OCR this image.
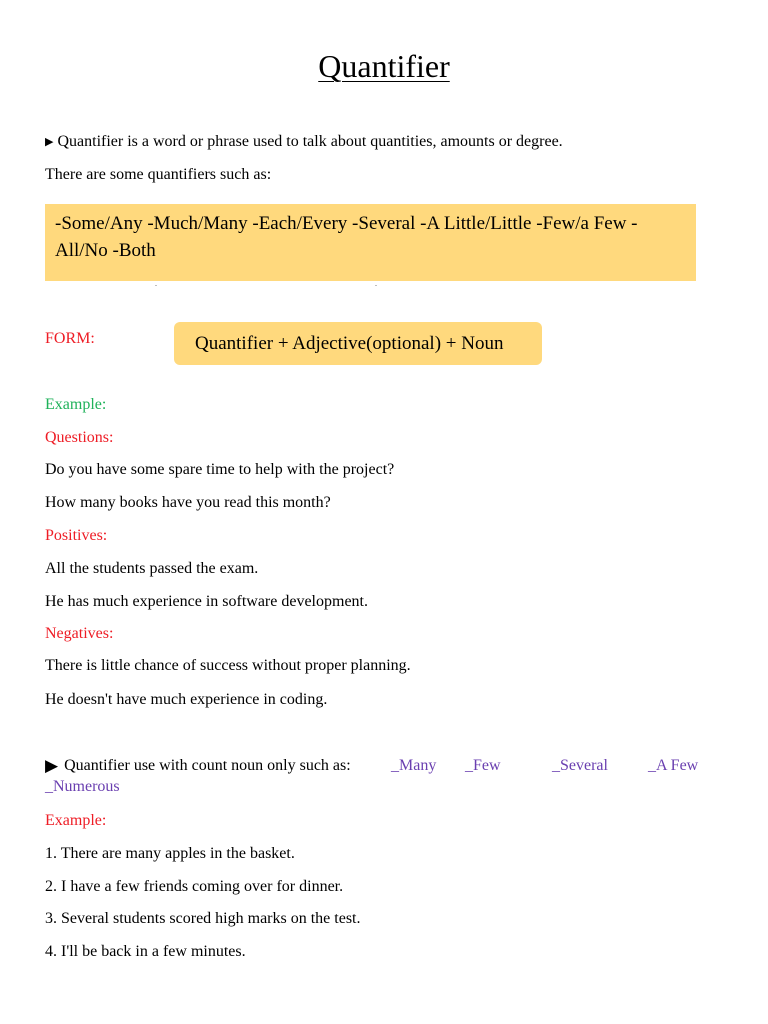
Quantifier
▶ Quantifier is a word or phrase used to talk about quantities, amounts or degree.
There are some quantifiers such as:
-Some/Any -Much/Many -Each/Every -Several -A Little/Little -Few/a Few -All/No -Both
. .
FORM:	Quantifier + Adjective(optional) + Noun
Example:
Questions:
Do you have some spare time to help with the project?
How many books have you read this month?
Positives:
All the students passed the exam.
He has much experience in software development.
Negatives:
There is little chance of success without proper planning.
He doesn't have much experience in coding.
▶ Quantifier use with count noun only such as:	_Many _Few	_Several	_A Few
_Numerous
Example:
1. There are many apples in the basket.
2. I have a few friends coming over for dinner.
3. Several students scored high marks on the test.
4. I'll be back in a few minutes.
